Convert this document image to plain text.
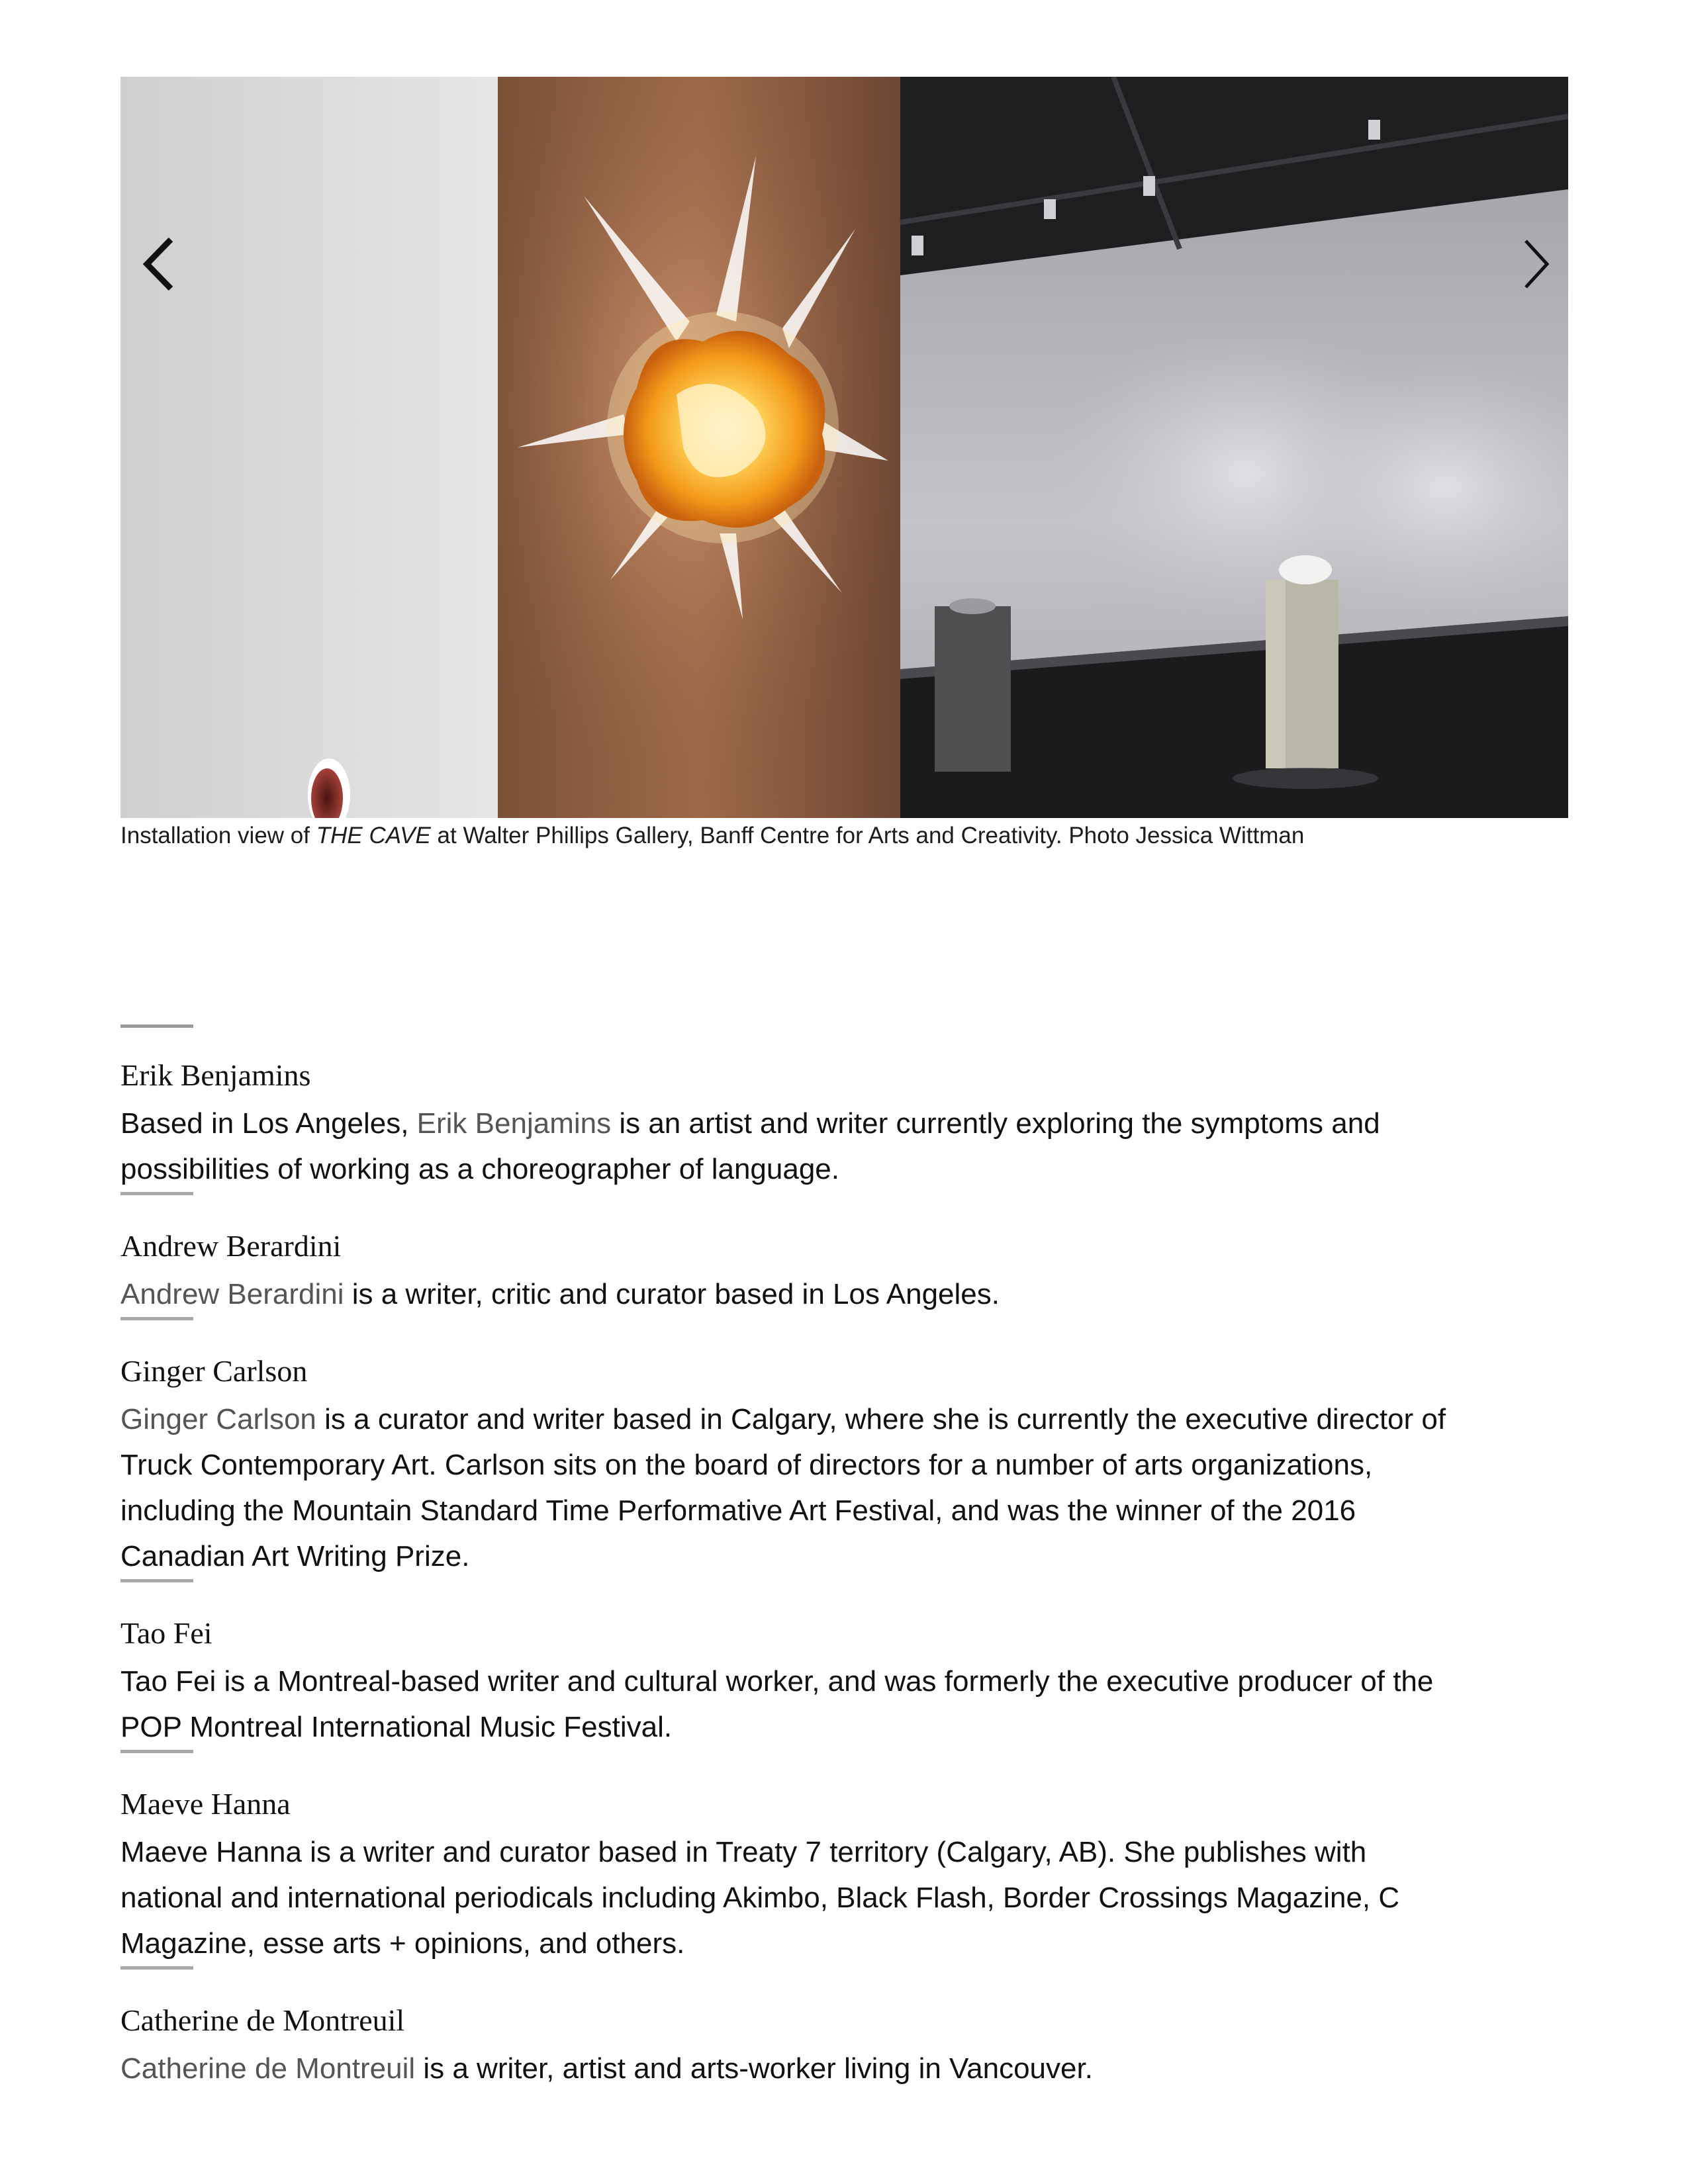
Installation view of THE CAVE at Walter Phillips Gallery, Banff Centre for Arts and Creativity. Photo Jessica Wittman

Erik Benjamins

Based in Los Angeles, Erik Benjamins is an artist and writer currently exploring the symptoms and possibilities of working as a choreographer of language.

Andrew Berardini

Andrew Berardini is a writer, critic and curator based in Los Angeles.

Ginger Carlson

Ginger Carlson is a curator and writer based in Calgary, where she is currently the executive director of Truck Contemporary Art. Carlson sits on the board of directors for a number of arts organizations, including the Mountain Standard Time Performative Art Festival, and was the winner of the 2016 Canadian Art Writing Prize.

Tao Fei

Tao Fei is a Montreal-based writer and cultural worker, and was formerly the executive producer of the POP Montreal International Music Festival.

Maeve Hanna

Maeve Hanna is a writer and curator based in Treaty 7 territory (Calgary, AB). She publishes with national and international periodicals including Akimbo, Black Flash, Border Crossings Magazine, C Magazine, esse arts + opinions, and others.

Catherine de Montreuil

Catherine de Montreuil is a writer, artist and arts-worker living in Vancouver.
